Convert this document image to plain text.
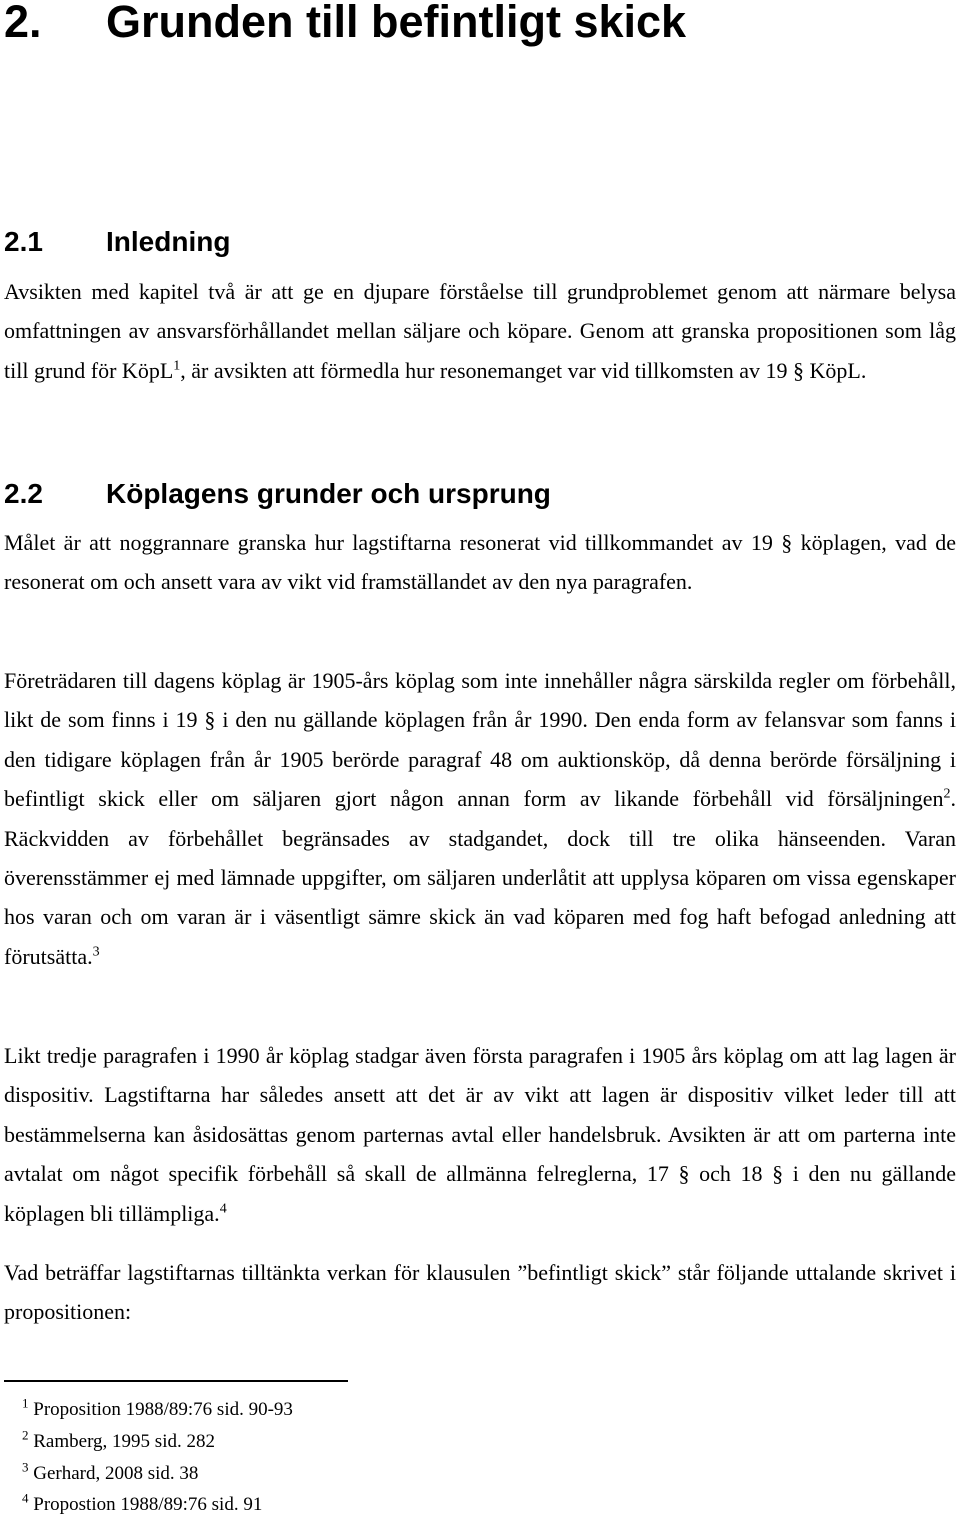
2. Grunden till befintligt skick
2.1 Inledning

Avsikten med kapitel två är att ge en djupare förståelse till grundproblemet genom att närmare belysa omfattningen av ansvarsförhållandet mellan säljare och köpare. Genom att granska propositionen som låg till grund för KöpL$^1$, är avsikten att förmedla hur resonemanget var vid tillkomsten av 19 § KöpL.

2.2 Köplagens grunder och ursprung

Målet är att noggrannare granska hur lagstiftarna resonerat vid tillkommandet av 19 § köplagen, vad de resonerat om och ansett vara av vikt vid framställandet av den nya paragrafen.

Företrädaren till dagens köplag är 1905-års köplag som inte innehåller några särskilda regler om förbehåll, likt de som finns i 19 § i den nu gällande köplagen från år 1990. Den enda form av felansvar som fanns i den tidigare köplagen från år 1905 berörde paragraf 48 om auktionsköp, då denna berörde försäljning i befintligt skick eller om säljaren gjort någon annan form av likande förbehåll vid försäljningen$^2$. Räckvidden av förbehållet begränsades av stadgandet, dock till tre olika hänseenden. Varan överensstämmer ej med lämnade uppgifter, om säljaren underlåtit att upplysa köparen om vissa egenskaper hos varan och om varan är i väsentligt sämre skick än vad köparen med fog haft befogad anledning att förutsätta.$^3$

Likt tredje paragrafen i 1990 år köplag stadgar även första paragrafen i 1905 års köplag om att lag lagen är dispositiv. Lagstiftarna har således ansett att det är av vikt att lagen är dispositiv vilket leder till att bestämmelserna kan åsidosättas genom parternas avtal eller handelsbruk. Avsikten är att om parterna inte avtalat om något specifik förbehåll så skall de allmänna felreglerna, 17 § och 18 § i den nu gällande köplagen bli tillämpliga.$^4$

Vad beträffar lagstiftarnas tilltänkta verkan för klausulen ”befintligt skick” står följande uttalande skrivet i propositionen:

$^1$ Proposition 1988/89:76 sid. 90-93
$^2$ Ramberg, 1995 sid. 282
$^3$ Gerhard, 2008 sid. 38
$^4$ Propostion 1988/89:76 sid. 91
